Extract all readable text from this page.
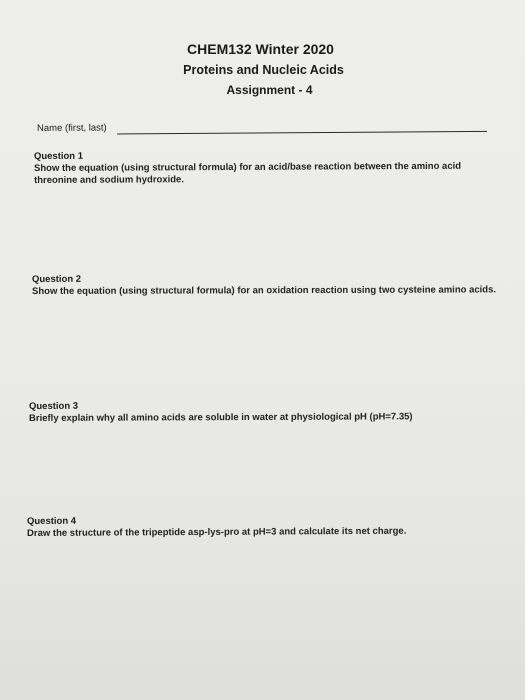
CHEM132 Winter 2020
Proteins and Nucleic Acids
Assignment - 4
Name (first, last)
Question 1
Show the equation (using structural formula) for an acid/base reaction between the amino acid
threonine and sodium hydroxide.
Question 2
Show the equation (using structural formula) for an oxidation reaction using two cysteine amino acids.
Question 3
Briefly explain why all amino acids are soluble in water at physiological pH (pH=7.35)
Question 4
Draw the structure of the tripeptide asp-lys-pro at pH=3 and calculate its net charge.
